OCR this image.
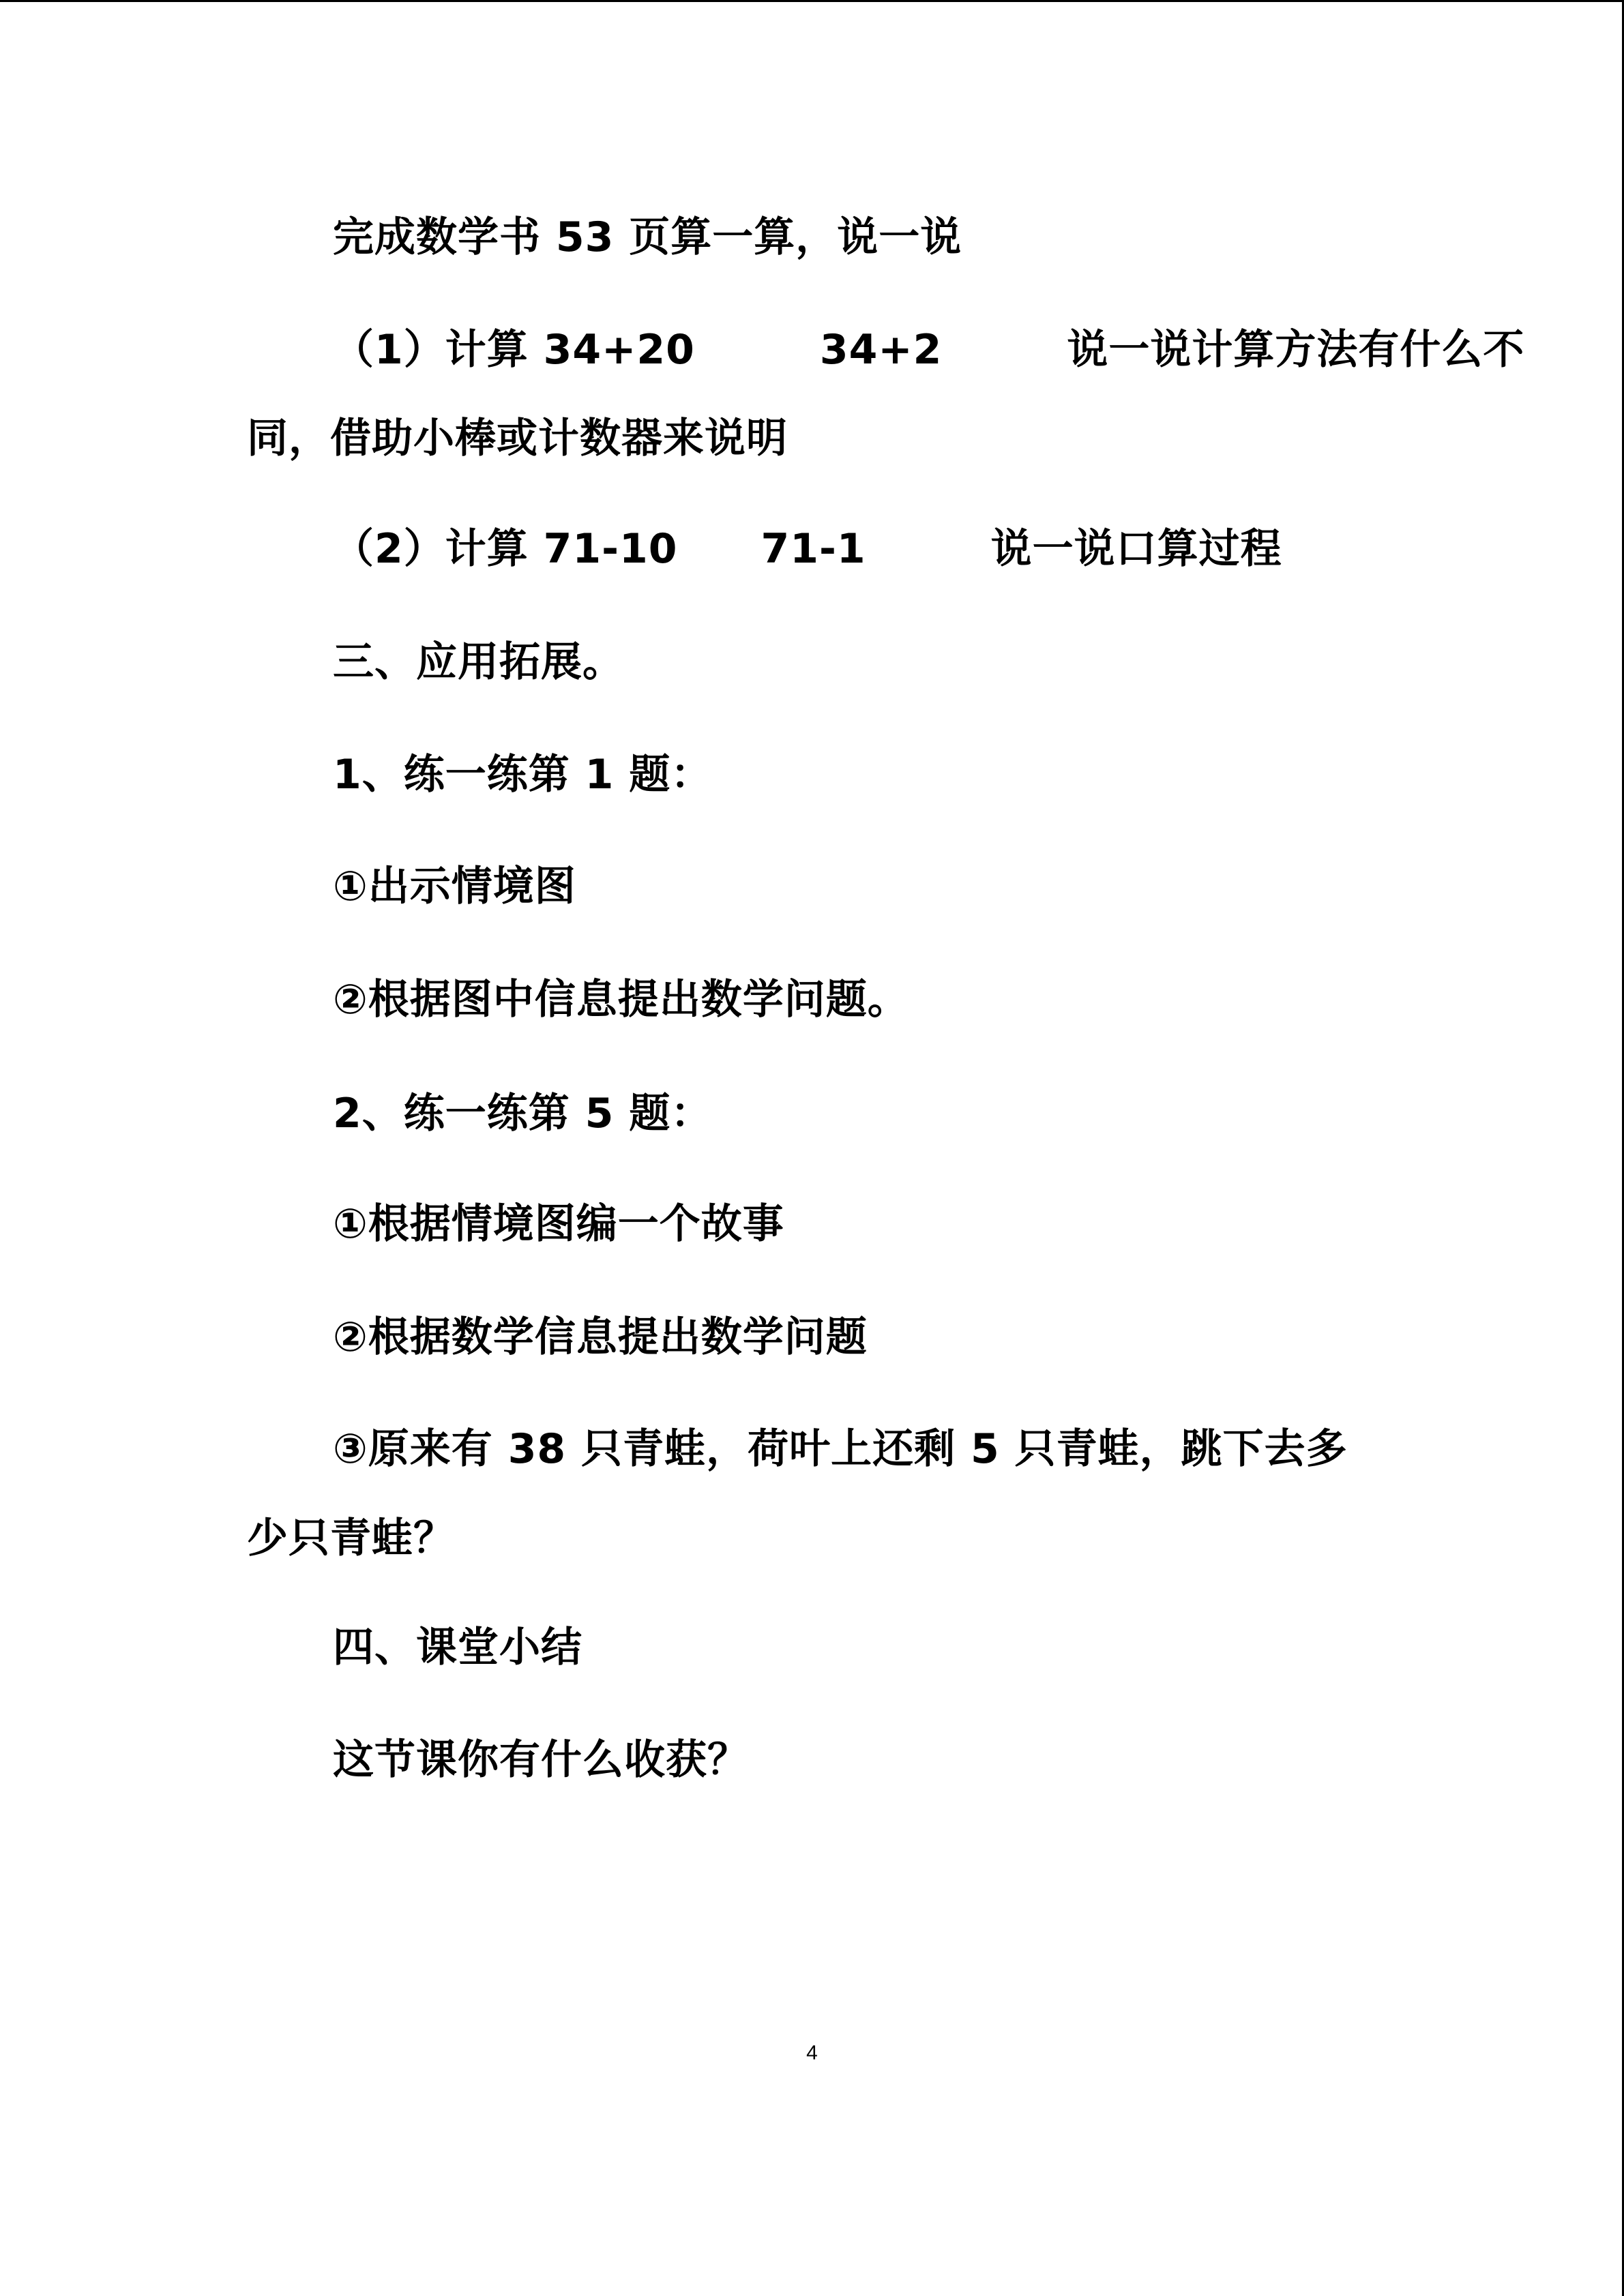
完成数学书 53 页算一算，说一说

（1）计算 34+20   34+2   说一说计算方法有什么不

同，借助小棒或计数器来说明

（2）计算 71-10  71-1   说一说口算过程

三、应用拓展。

1、练一练第 1 题：

①出示情境图

②根据图中信息提出数学问题。

2、练一练第 5 题：

①根据情境图编一个故事

②根据数学信息提出数学问题

③原来有 38 只青蛙，荷叶上还剩 5 只青蛙，跳下去多

少只青蛙？

四、课堂小结

这节课你有什么收获？

4
